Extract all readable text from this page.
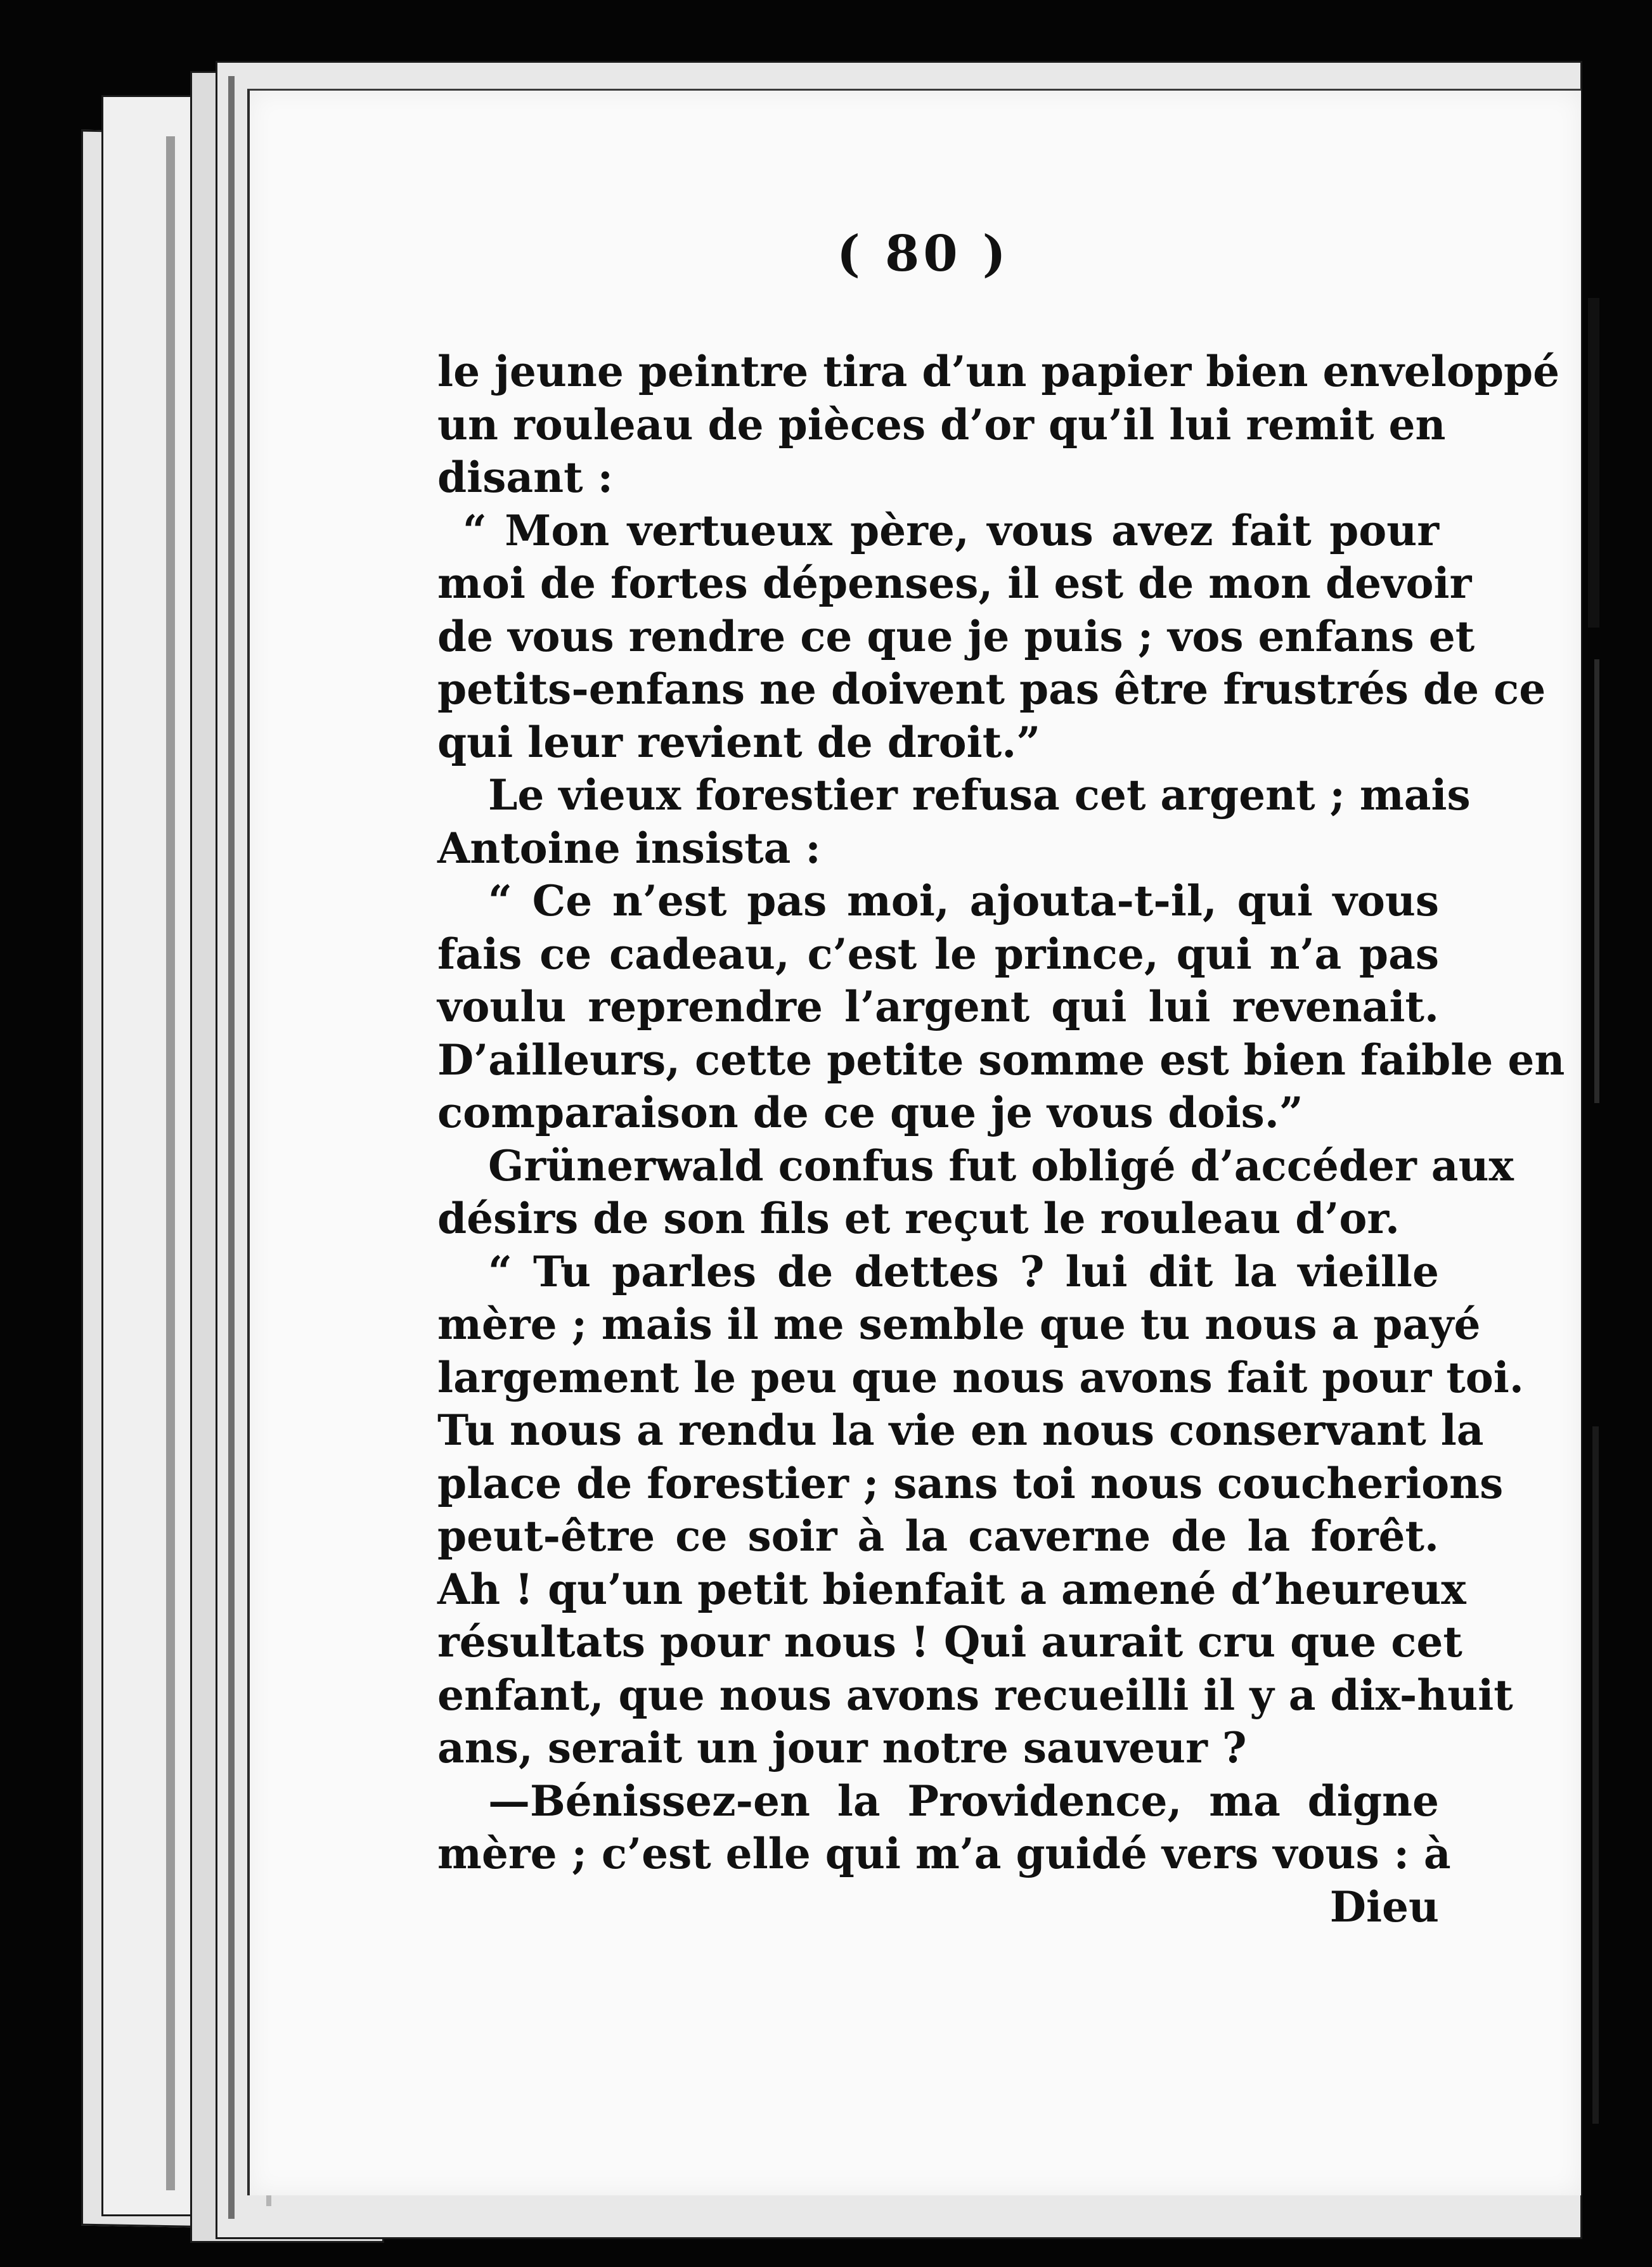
( 80 )
le jeune peintre tira d’un papier bien enveloppé
un rouleau de pièces d’or qu’il lui remit en
disant :
“ Mon vertueux père, vous avez fait pour
moi de fortes dépenses, il est de mon devoir
de vous rendre ce que je puis ; vos enfans et
petits-enfans ne doivent pas être frustrés de ce
qui leur revient de droit.”
Le vieux forestier refusa cet argent ; mais
Antoine insista :
“ Ce n’est pas moi, ajouta-t-il, qui vous
fais ce cadeau, c’est le prince, qui n’a pas
voulu reprendre l’argent qui lui revenait.
D’ailleurs, cette petite somme est bien faible en
comparaison de ce que je vous dois.”
Grünerwald confus fut obligé d’accéder aux
désirs de son fils et reçut le rouleau d’or.
“ Tu parles de dettes ? lui dit la vieille
mère ; mais il me semble que tu nous a payé
largement le peu que nous avons fait pour toi.
Tu nous a rendu la vie en nous conservant la
place de forestier ; sans toi nous coucherions
peut-être ce soir à la caverne de la forêt.
Ah ! qu’un petit bienfait a amené d’heureux
résultats pour nous ! Qui aurait cru que cet
enfant, que nous avons recueilli il y a dix-huit
ans, serait un jour notre sauveur ?
—Bénissez-en la Providence, ma digne
mère ; c’est elle qui m’a guidé vers vous : à
Dieu
